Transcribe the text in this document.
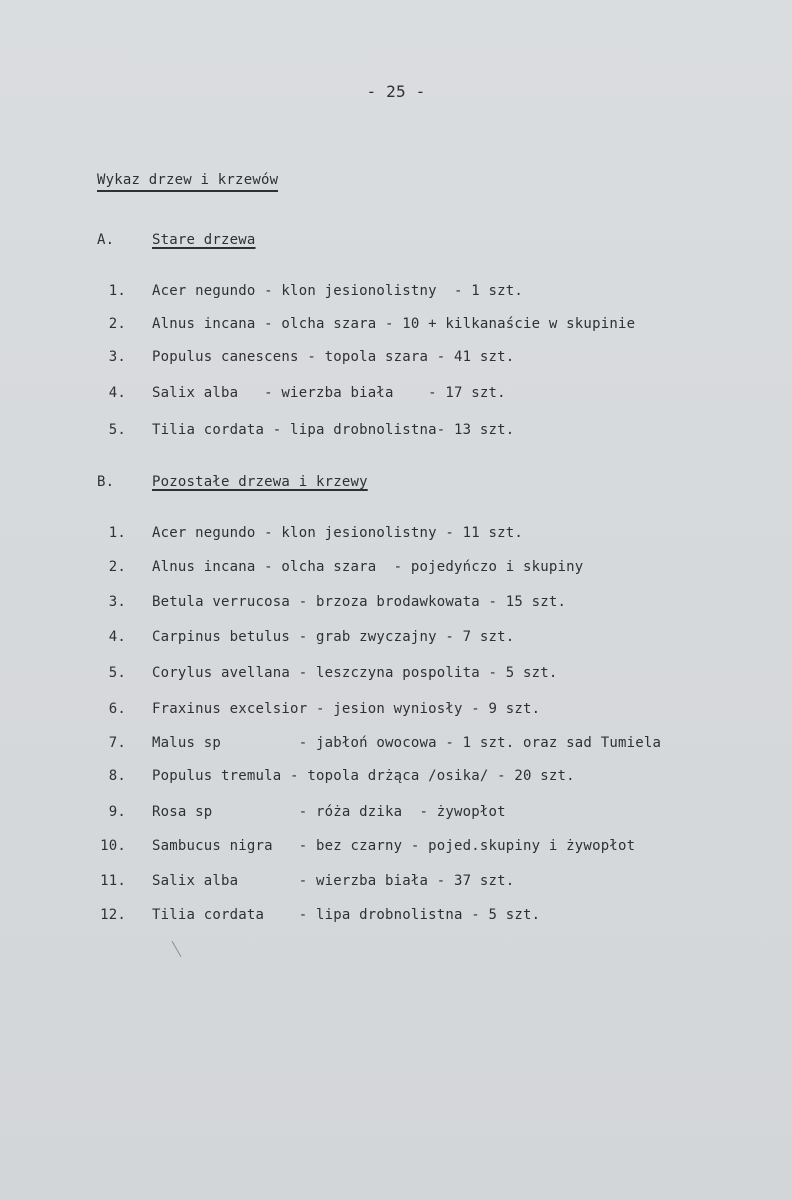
- 25 -
Wykaz drzew i krzewów
A.	Stare drzewa
1. Acer negundo - klon jesionolistny  - 1 szt.
2. Alnus incana - olcha szara - 10 + kilkanaście w skupinie
3. Populus canescens - topola szara - 41 szt.
4. Salix alba   - wierzba biała    - 17 szt.
5. Tilia cordata - lipa drobnolistna- 13 szt.
B.	Pozostałe drzewa i krzewy
1. Acer negundo - klon jesionolistny - 11 szt.
2. Alnus incana - olcha szara  - pojedyńczo i skupiny
3. Betula verrucosa - brzoza brodawkowata - 15 szt.
4. Carpinus betulus - grab zwyczajny - 7 szt.
5. Corylus avellana - leszczyna pospolita - 5 szt.
6. Fraxinus excelsior - jesion wyniosły - 9 szt.
7. Malus sp         - jabłoń owocowa - 1 szt. oraz sad Tumiela
8. Populus tremula - topola drżąca /osika/ - 20 szt.
9. Rosa sp          - róża dzika  - żywopłot
10. Sambucus nigra   - bez czarny - pojed.skupiny i żywopłot
11. Salix alba       - wierzba biała - 37 szt.
12. Tilia cordata    - lipa drobnolistna - 5 szt.
